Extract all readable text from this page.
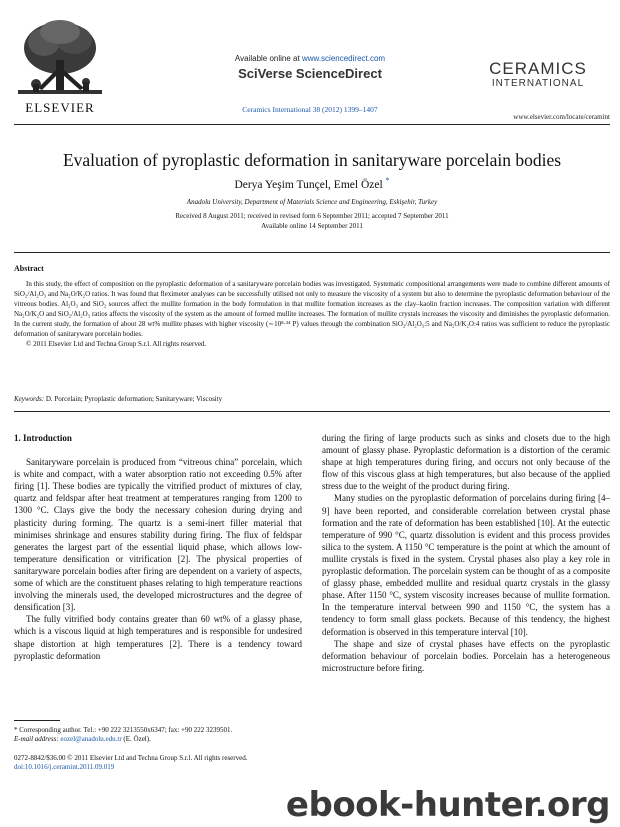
ELSEVIER
Available online at www.sciencedirect.com
SciVerse ScienceDirect
Ceramics International 38 (2012) 1399–1407
CERAMICS
INTERNATIONAL
www.elsevier.com/locate/ceramint
Evaluation of pyroplastic deformation in sanitaryware porcelain bodies
Derya Yeşim Tunçel, Emel Özel *
Anadolu University, Department of Materials Science and Engineering, Eskişehir, Turkey
Received 8 August 2011; received in revised form 6 September 2011; accepted 7 September 2011
Available online 14 September 2011
Abstract

In this study, the effect of composition on the pyroplastic deformation of a sanitaryware porcelain bodies was investigated. Systematic compositional arrangements were made to combine different amounts of SiO₂/Al₂O₃ and Na₂O/K₂O ratios. It was found that fleximeter analyses can be successfully utilised not only to measure the viscosity of a system but also to determine the pyroplastic deformation behaviour of the vitreous bodies. Al₂O₃ and SiO₂ sources affect the mullite formation in the body formulation in that mullite formation increases as the clay–kaolin fraction increases. The composition variation with different Na₂O/K₂O and SiO₂/Al₂O₃ ratios affects the viscosity of the system as the amount of formed mullite increases. The formation of mullite crystals increases the viscosity and diminishes the pyroplastic deformation. In the current study, the formation of about 28 wt% mullite phases with higher viscosity (∼10⁸·³⁴ P) values through the combination SiO₂/Al₂O₃:5 and Na₂O/K₂O:4 ratios was sufficient to reduce the pyroplastic deformation of sanitaryware porcelain bodies.

© 2011 Elsevier Ltd and Techna Group S.r.l. All rights reserved.

Keywords: D. Porcelain; Pyroplastic deformation; Sanitaryware; Viscosity
1. Introduction

Sanitaryware porcelain is produced from “vitreous china” porcelain, which is white and compact, with a water absorption ratio not exceeding 0.5% after firing [1]. These bodies are typically the vitrified product of mixtures of clay, quartz and feldspar after heat treatment at temperatures ranging from 1200 to 1300 °C. Clays give the body the necessary cohesion during drying and plasticity during forming. The quartz is a semi-inert filler material that minimises shrinkage and ensures stability during firing. The flux of feldspar generates the largest part of the essential liquid phase, which allows low-temperature densification or vitrification [2]. The physical properties of sanitaryware porcelain bodies after firing are dependent on a variety of aspects, some of which are the constituent phases relating to high temperature reactions involving the minerals used, the developed microstructures and the degree of densification [3].

The fully vitrified body contains greater than 60 wt% of a glassy phase, which is a viscous liquid at high temperatures and is responsible for undesired shape distortion at high temperatures [2]. There is a tendency toward pyroplastic deformation

during the firing of large products such as sinks and closets due to the high amount of glassy phase. Pyroplastic deformation is a distortion of the ceramic shape at high temperatures during firing, and occurs not only because of the flow of this viscous glass at high temperatures, but also because of the applied stress due to the weight of the product during firing.

Many studies on the pyroplastic deformation of porcelains during firing [4–9] have been reported, and considerable correlation between crystal phase formation and the rate of deformation has been established [10]. At the eutectic temperature of 990 °C, quartz dissolution is evident and this process provides silica to the system. A 1150 °C temperature is the point at which the amount of mullite crystals is fixed in the system. Crystal phases also play a key role in pyroplastic deformation. The porcelain system can be thought of as a composite of glassy phase, embedded mullite and residual quartz crystals in the glassy phase. After 1150 °C, system viscosity increases because of mullite formation. In the temperature interval between 990 and 1150 °C, the system has a tendency to form small glass pockets. Because of this tendency, the highest deformation is observed in this temperature interval [10].

The shape and size of crystal phases have effects on the pyroplastic deformation behaviour of porcelain bodies. Porcelain has a heterogeneous microstructure before firing.

* Corresponding author. Tel.: +90 222 3213550x6347; fax: +90 222 3239501.
E-mail address: eozel@anadolu.edu.tr (E. Özel).
0272-8842/$36.00 © 2011 Elsevier Ltd and Techna Group S.r.l. All rights reserved.
doi:10.1016/j.ceramint.2011.09.019
ebook-hunter.org
